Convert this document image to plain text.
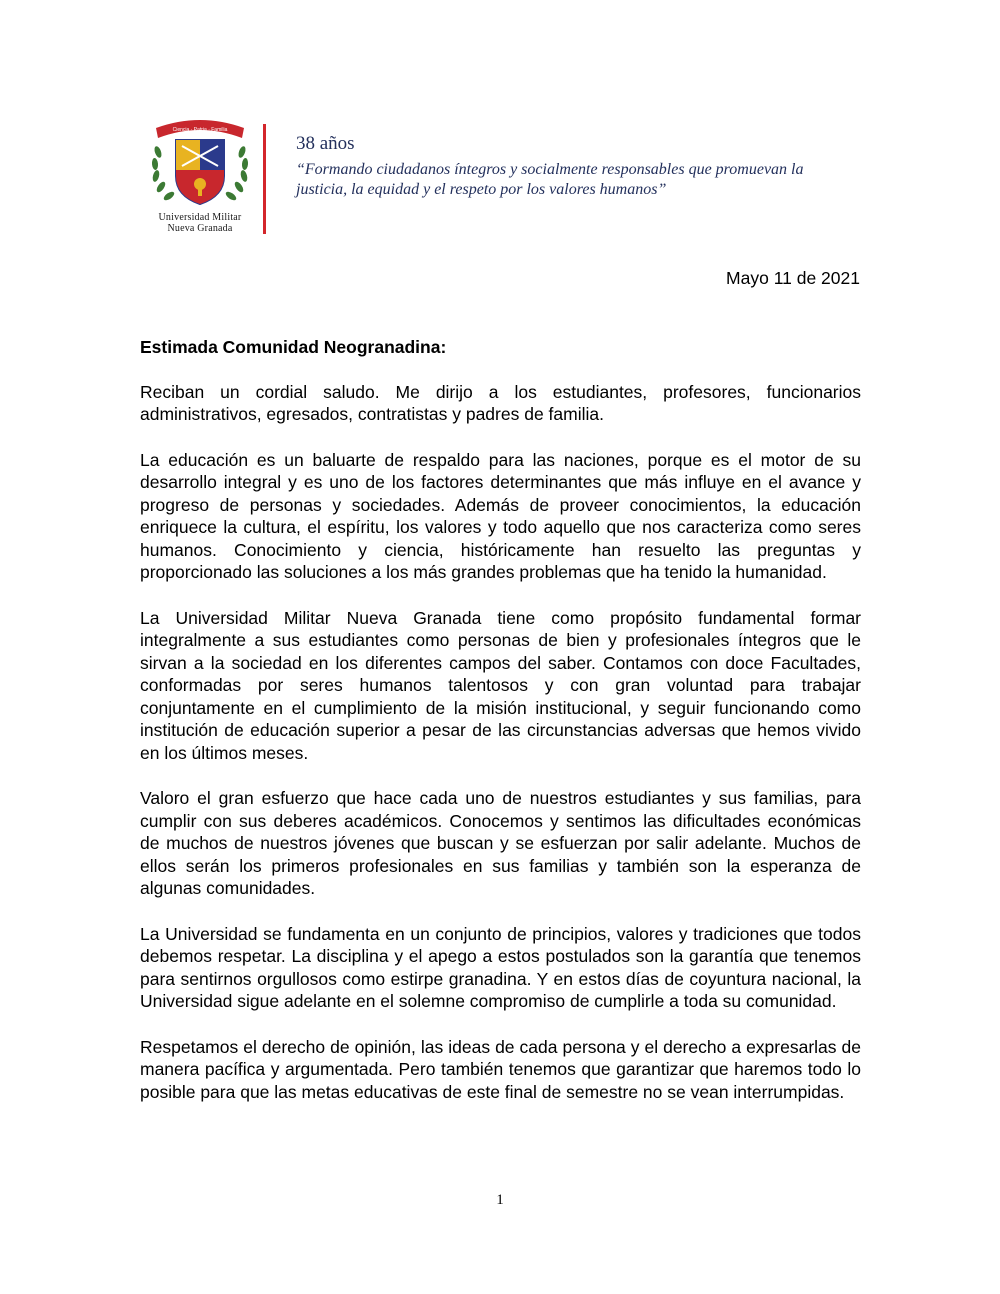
Ciencia · Patria · Familia
Universidad Militar
Nueva Granada
38 años
“Formando ciudadanos íntegros y socialmente responsables que promuevan la justicia, la equidad y el respeto por los valores humanos”
Mayo 11 de 2021

Estimada Comunidad Neogranadina:

Reciban un cordial saludo. Me dirijo a los estudiantes, profesores, funcionarios administrativos, egresados, contratistas y padres de familia.

La educación es un baluarte de respaldo para las naciones, porque es el motor de su desarrollo integral y es uno de los factores determinantes que más influye en el avance y progreso de personas y sociedades. Además de proveer conocimientos, la educación enriquece la cultura, el espíritu, los valores y todo aquello que nos caracteriza como seres humanos. Conocimiento y ciencia, históricamente han resuelto las preguntas y proporcionado las soluciones a los más grandes problemas que ha tenido la humanidad.

La Universidad Militar Nueva Granada tiene como propósito fundamental formar integralmente a sus estudiantes como personas de bien y profesionales íntegros que le sirvan a la sociedad en los diferentes campos del saber. Contamos con doce Facultades, conformadas por seres humanos talentosos y con gran voluntad para trabajar conjuntamente en el cumplimiento de la misión institucional, y seguir funcionando como institución de educación superior a pesar de las circunstancias adversas que hemos vivido en los últimos meses.

Valoro el gran esfuerzo que hace cada uno de nuestros estudiantes y sus familias, para cumplir con sus deberes académicos. Conocemos y sentimos las dificultades económicas de muchos de nuestros jóvenes que buscan y se esfuerzan por salir adelante. Muchos de ellos serán los primeros profesionales en sus familias y también son la esperanza de algunas comunidades.

La Universidad se fundamenta en un conjunto de principios, valores y tradiciones que todos debemos respetar. La disciplina y el apego a estos postulados son la garantía que tenemos para sentirnos orgullosos como estirpe granadina. Y en estos días de coyuntura nacional, la Universidad sigue adelante en el solemne compromiso de cumplirle a toda su comunidad.

Respetamos el derecho de opinión, las ideas de cada persona y el derecho a expresarlas de manera pacífica y argumentada. Pero también tenemos que garantizar que haremos todo lo posible para que las metas educativas de este final de semestre no se vean interrumpidas.

1
